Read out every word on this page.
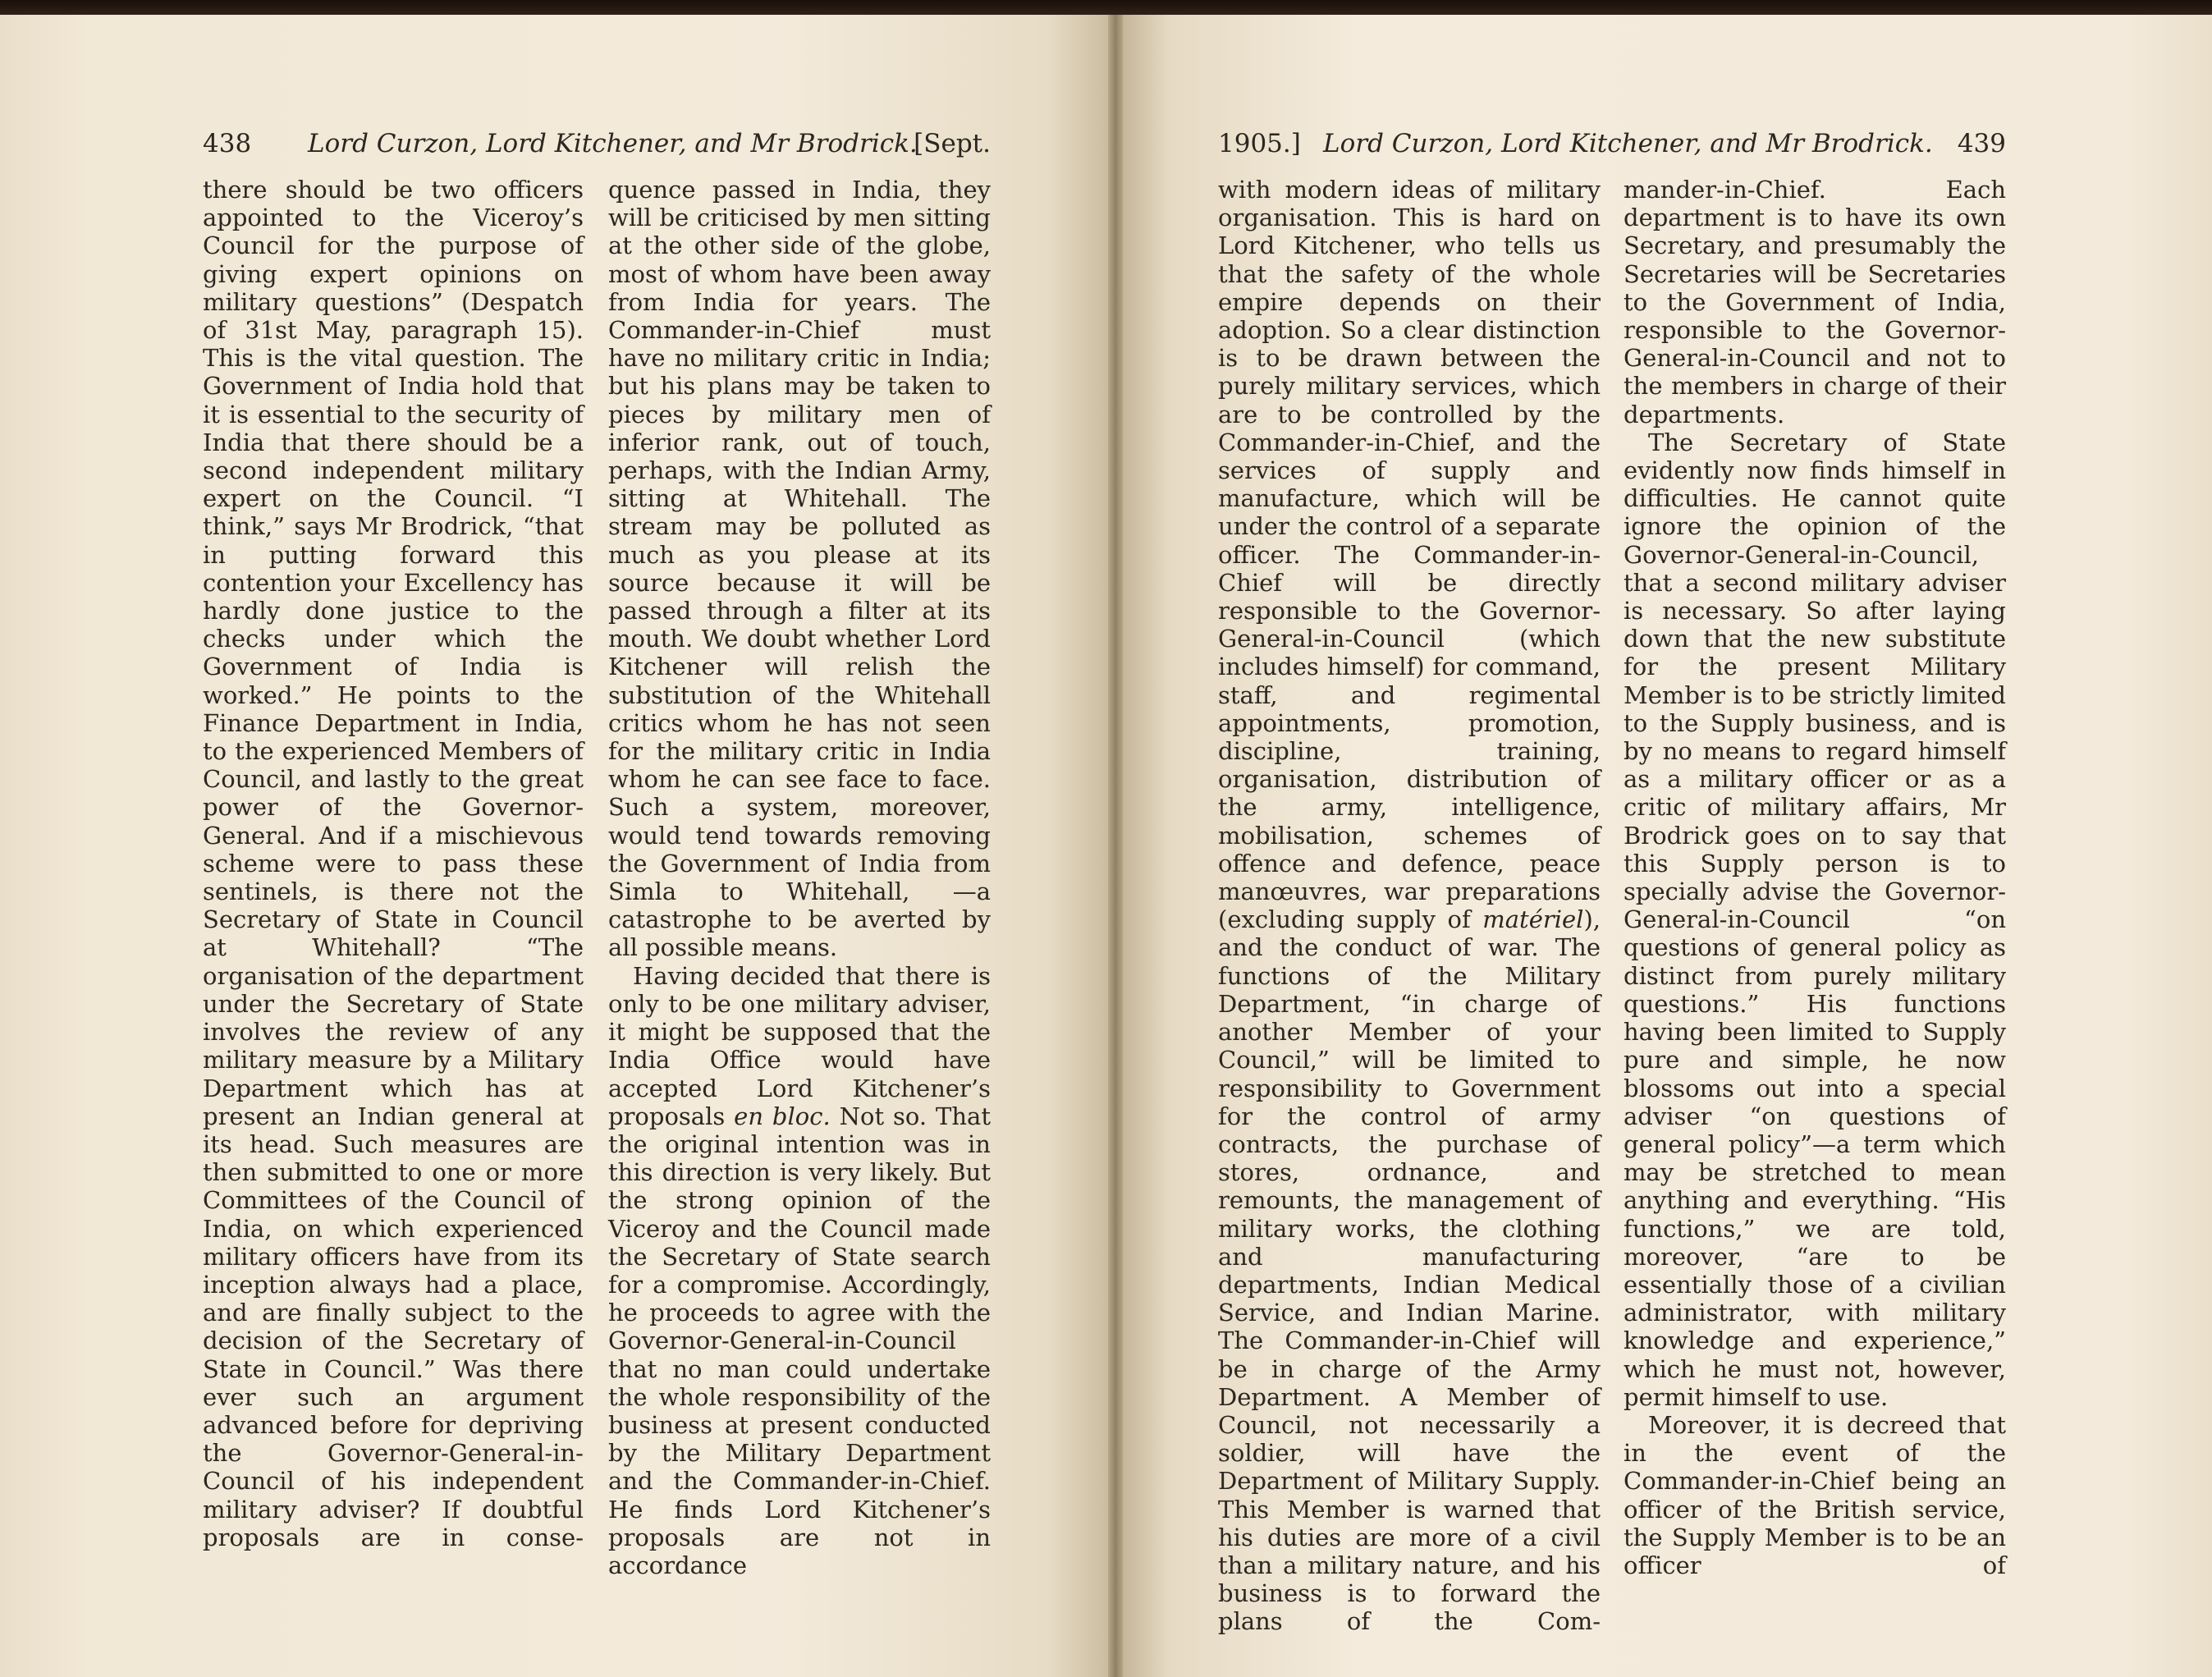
438 Lord Curzon, Lord Kitchener, and Mr Brodrick.
[Sept.

there should be two officers appointed to the Viceroy’s Council for the purpose of giving expert opinions on military questions” (Despatch of 31st May, paragraph 15). This is the vital question. The Government of India hold that it is essential to the security of India that there should be a second independent military expert on the Council. “I think,” says Mr Brodrick, “that in putting forward this contention your Excellency has hardly done justice to the checks under which the Government of India is worked.” He points to the Finance Department in India, to the experienced Members of Council, and lastly to the great power of the Governor-General. And if a mischievous scheme were to pass these sentinels, is there not the Secretary of State in Council at Whitehall? “The organisation of the department under the Secretary of State involves the review of any military measure by a Military Department which has at present an Indian general at its head. Such measures are then submitted to one or more Committees of the Council of India, on which experienced military officers have from its inception always had a place, and are finally subject to the decision of the Secretary of State in Council.” Was there ever such an argument advanced before for depriving the Governor-General-in-Council of his independent military adviser? If doubtful proposals are in conse-

quence passed in India, they will be criticised by men sitting at the other side of the globe, most of whom have been away from India for years. The Commander-in-Chief must have no military critic in India; but his plans may be taken to pieces by military men of inferior rank, out of touch, perhaps, with the Indian Army, sitting at Whitehall. The stream may be polluted as much as you please at its source because it will be passed through a filter at its mouth. We doubt whether Lord Kitchener will relish the substitution of the Whitehall critics whom he has not seen for the military critic in India whom he can see face to face. Such a system, moreover, would tend towards removing the Government of India from Simla to Whitehall, —a catastrophe to be averted by all possible means.

Having decided that there is only to be one military adviser, it might be supposed that the India Office would have accepted Lord Kitchener’s proposals en bloc. Not so. That the original intention was in this direction is very likely. But the strong opinion of the Viceroy and the Council made the Secretary of State search for a compromise. Accordingly, he proceeds to agree with the Governor-General-in-Council that no man could undertake the whole responsibility of the business at present conducted by the Military Department and the Commander-in-Chief. He finds Lord Kitchener’s proposals are not in accordance

1905.] Lord Curzon, Lord Kitchener, and Mr Brodrick. 439

with modern ideas of military organisation. This is hard on Lord Kitchener, who tells us that the safety of the whole empire depends on their adoption. So a clear distinction is to be drawn between the purely military services, which are to be controlled by the Commander-in-Chief, and the services of supply and manufacture, which will be under the control of a separate officer. The Commander-in-Chief will be directly responsible to the Governor-General-in-Council (which includes himself) for command, staff, and regimental appointments, promotion, discipline, training, organisation, distribution of the army, intelligence, mobilisation, schemes of offence and defence, peace manœuvres, war preparations (excluding supply of matériel), and the conduct of war. The functions of the Military Department, “in charge of another Member of your Council,” will be limited to responsibility to Government for the control of army contracts, the purchase of stores, ordnance, and remounts, the management of military works, the clothing and manufacturing departments, Indian Medical Service, and Indian Marine. The Commander-in-Chief will be in charge of the Army Department. A Member of Council, not necessarily a soldier, will have the Department of Military Supply. This Member is warned that his duties are more of a civil than a military nature, and his business is to forward the plans of the Com-

mander-in-Chief. Each department is to have its own Secretary, and presumably the Secretaries will be Secretaries to the Government of India, responsible to the Governor-General-in-Council and not to the members in charge of their departments.

The Secretary of State evidently now finds himself in difficulties. He cannot quite ignore the opinion of the Governor-General-in-Council, that a second military adviser is necessary. So after laying down that the new substitute for the present Military Member is to be strictly limited to the Supply business, and is by no means to regard himself as a military officer or as a critic of military affairs, Mr Brodrick goes on to say that this Supply person is to specially advise the Governor-General-in-Council “on questions of general policy as distinct from purely military questions.” His functions having been limited to Supply pure and simple, he now blossoms out into a special adviser “on questions of general policy”—a term which may be stretched to mean anything and everything. “His functions,” we are told, moreover, “are to be essentially those of a civilian administrator, with military knowledge and experience,” which he must not, however, permit himself to use.

Moreover, it is decreed that in the event of the Commander-in-Chief being an officer of the British service, the Supply Member is to be an officer of
